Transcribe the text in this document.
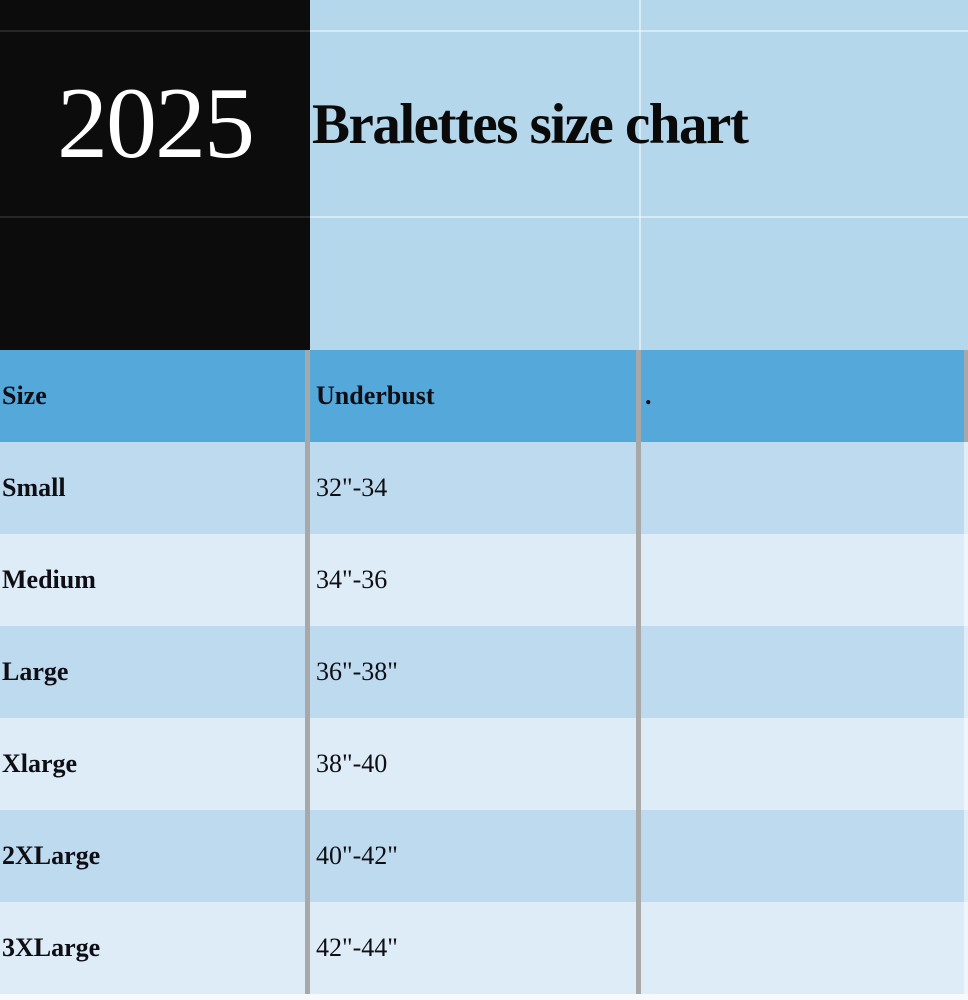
2025 Bralettes size chart
Size	Underbust	.
Small	32"-34
Medium	34"-36
Large	36"-38"
Xlarge	38"-40
2XLarge	40"-42"
3XLarge	42"-44"
